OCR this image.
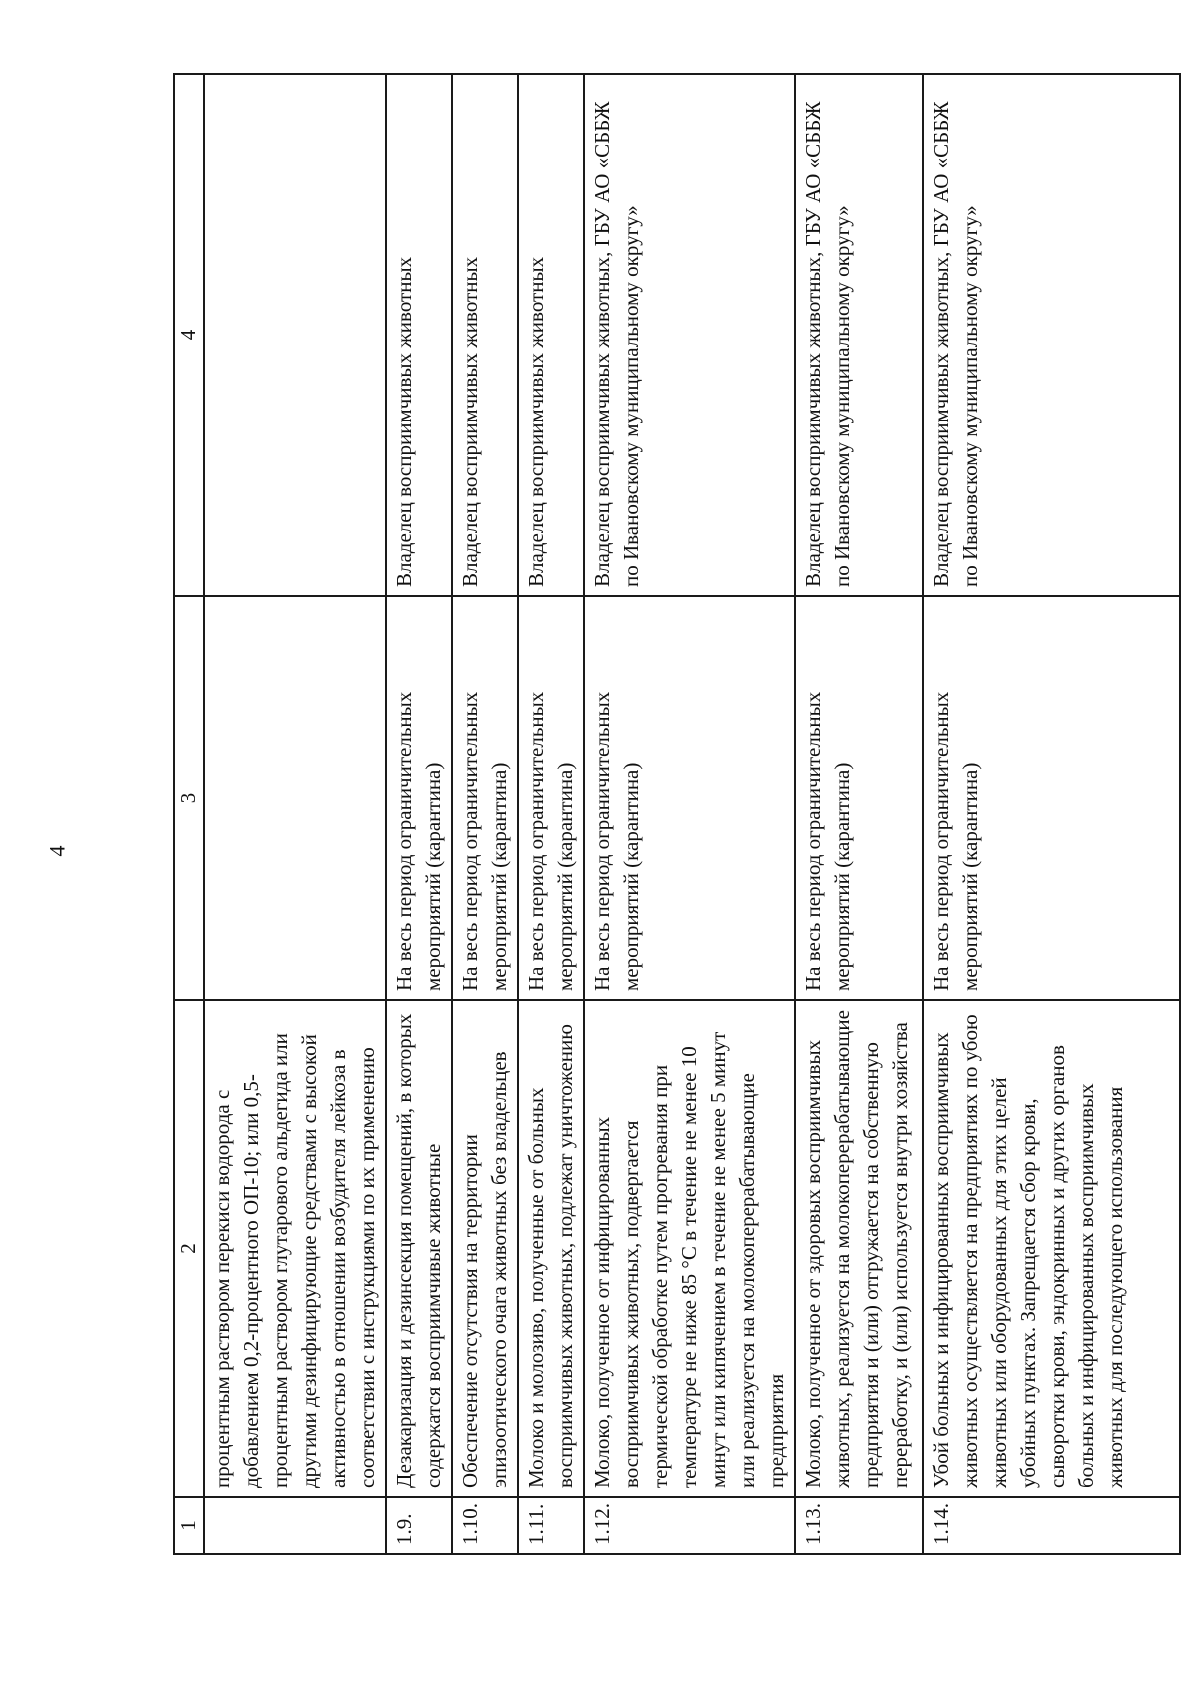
4
1	2	3	4
	процентным раствором перекиси водорода с добавлением 0,2-процентного ОП-10; или 0,5-процентным раствором глутарового альдегида или другими дезинфицирующие средствами с высокой активностью в отношении возбудителя лейкоза в соответствии с инструкциями по их применению		
1.9.	Дезакаризация и дезинсекция помещений, в которых содержатся восприимчивые животные	На весь период ограничительных мероприятий (карантина)	Владелец восприимчивых животных
1.10.	Обеспечение отсутствия на территории эпизоотического очага животных без владельцев	На весь период ограничительных мероприятий (карантина)	Владелец восприимчивых животных
1.11.	Молоко и молозиво, полученные от больных восприимчивых животных, подлежат уничтожению	На весь период ограничительных мероприятий (карантина)	Владелец восприимчивых животных
1.12.	Молоко, полученное от инфицированных восприимчивых животных, подвергается термической обработке путем прогревания при температуре не ниже 85 °С в течение не менее 10 минут или кипячением в течение не менее 5 минут или реализуется на молокоперерабатывающие предприятия	На весь период ограничительных мероприятий (карантина)	Владелец восприимчивых животных, ГБУ АО «СББЖ по Ивановскому муниципальному округу»
1.13.	Молоко, полученное от здоровых восприимчивых животных, реализуется на молокоперерабатывающие предприятия и (или) отгружается на собственную переработку, и (или) используется внутри хозяйства	На весь период ограничительных мероприятий (карантина)	Владелец восприимчивых животных, ГБУ АО «СББЖ по Ивановскому муниципальному округу»
1.14.	Убой больных и инфицированных восприимчивых животных осуществляется на предприятиях по убою животных или оборудованных для этих целей убойных пунктах. Запрещается сбор крови, сыворотки крови, эндокринных и других органов больных и инфицированных восприимчивых животных для последующего использования	На весь период ограничительных мероприятий (карантина)	Владелец восприимчивых животных, ГБУ АО «СББЖ по Ивановскому муниципальному округу»
